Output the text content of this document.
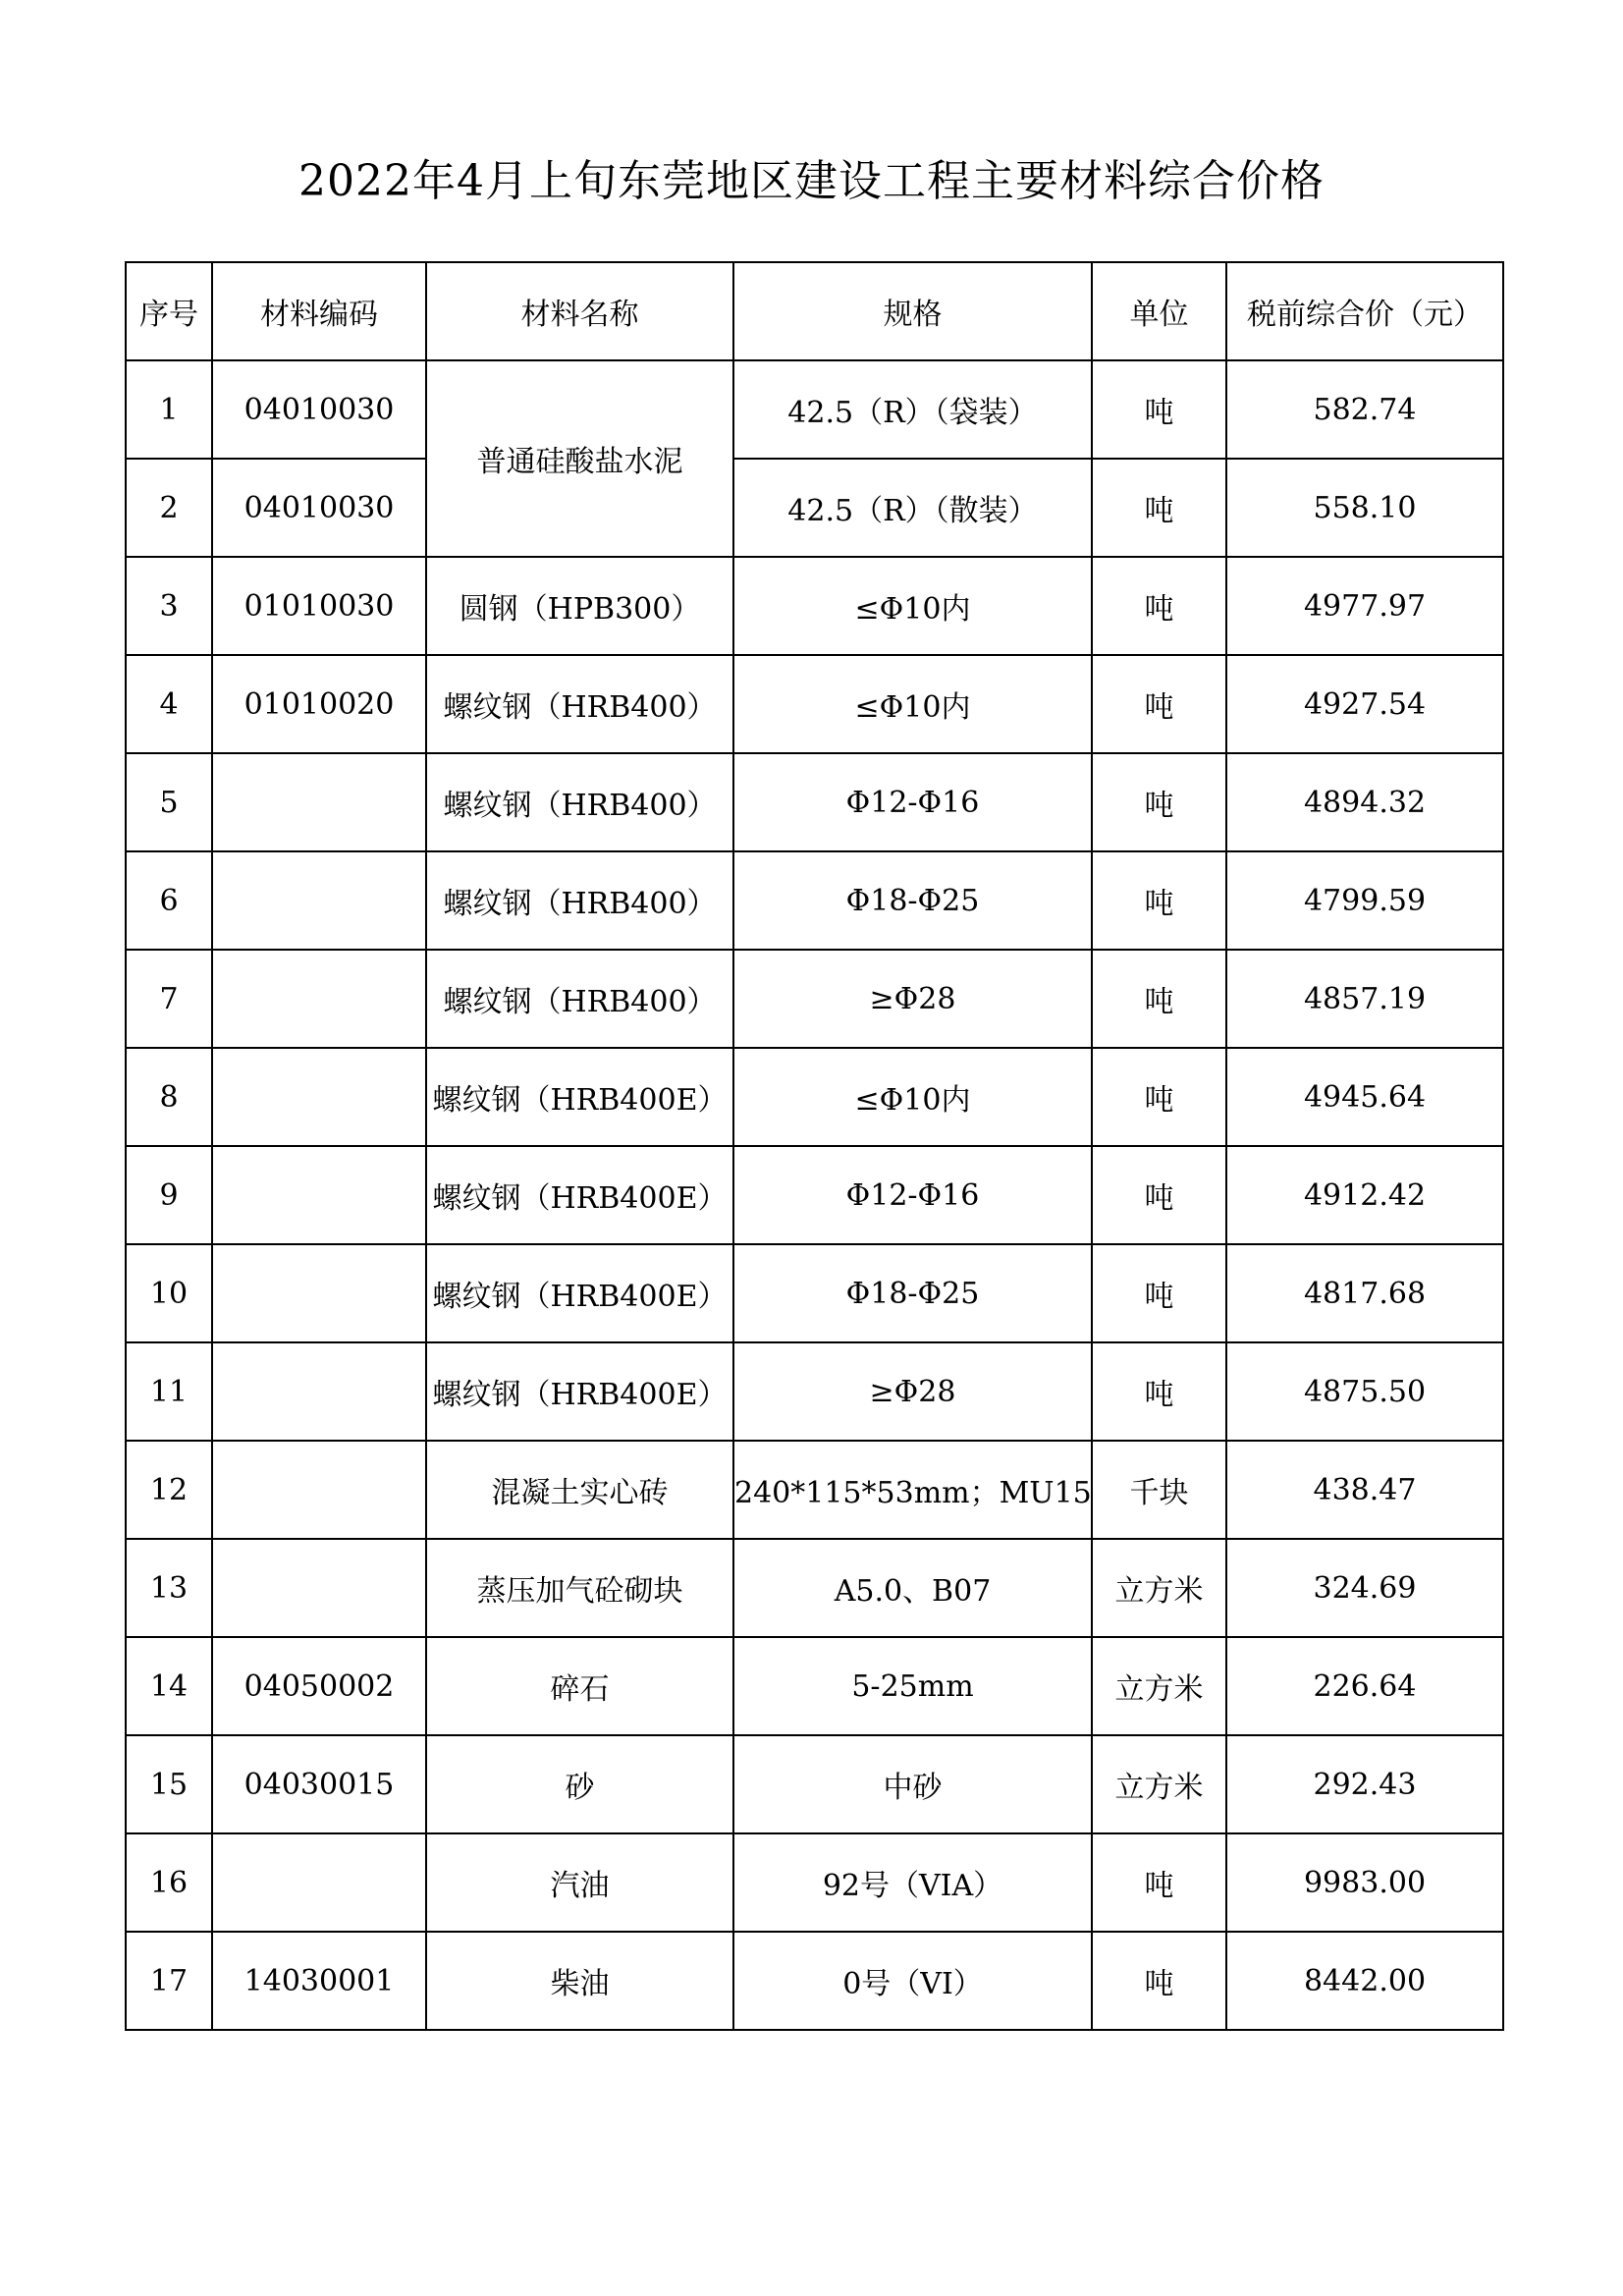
2022年4月上旬东莞地区建设工程主要材料综合价格
序号	材料编码	材料名称	规格	单位	税前综合价（元）
1	04010030	普通硅酸盐水泥	42.5（R）（袋装）	吨	582.74
2	04010030		42.5（R）（散装）	吨	558.10
3	01010030	圆钢（HPB300）	≤Φ10内	吨	4977.97
4	01010020	螺纹钢（HRB400）	≤Φ10内	吨	4927.54
5		螺纹钢（HRB400）	Φ12-Φ16	吨	4894.32
6		螺纹钢（HRB400）	Φ18-Φ25	吨	4799.59
7		螺纹钢（HRB400）	≥Φ28	吨	4857.19
8		螺纹钢（HRB400E）	≤Φ10内	吨	4945.64
9		螺纹钢（HRB400E）	Φ12-Φ16	吨	4912.42
10		螺纹钢（HRB400E）	Φ18-Φ25	吨	4817.68
11		螺纹钢（HRB400E）	≥Φ28	吨	4875.50
12		混凝土实心砖	240*115*53mm；MU15	千块	438.47
13		蒸压加气砼砌块	A5.0、B07	立方米	324.69
14	04050002	碎石	5-25mm	立方米	226.64
15	04030015	砂	中砂	立方米	292.43
16		汽油	92号（VIA）	吨	9983.00
17	14030001	柴油	0号（VI）	吨	8442.00
